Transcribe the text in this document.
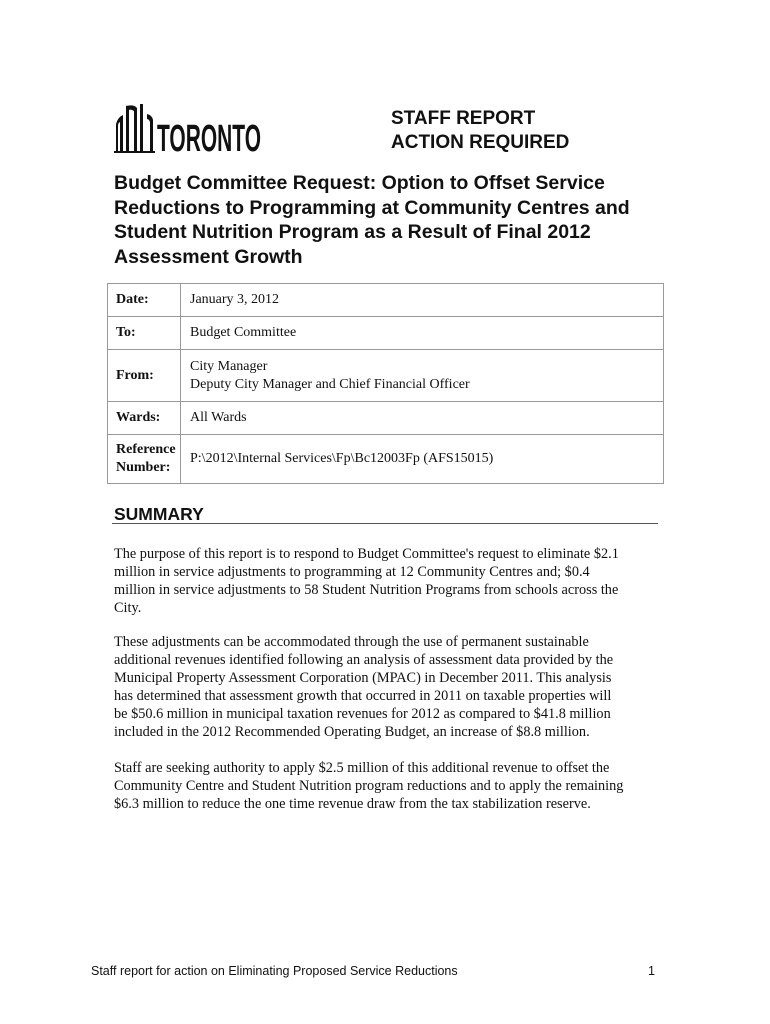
TORONTO	STAFF REPORT
ACTION REQUIRED
Budget Committee Request: Option to Offset Service
Reductions to Programming at Community Centres and
Student Nutrition Program as a Result of Final 2012
Assessment Growth
Date:	January 3, 2012
To:	Budget Committee
From:	City Manager
Deputy City Manager and Chief Financial Officer

Wards:	All Wards

Reference
Number:	P:\2012\Internal Services\Fp\Bc12003Fp (AFS15015)
SUMMARY

The purpose of this report is to respond to Budget Committee's request to eliminate $2.1
million in service adjustments to programming at 12 Community Centres and; $0.4
million in service adjustments to 58 Student Nutrition Programs from schools across the
City.

These adjustments can be accommodated through the use of permanent sustainable
additional revenues identified following an analysis of assessment data provided by the
Municipal Property Assessment Corporation (MPAC) in December 2011. This analysis
has determined that assessment growth that occurred in 2011 on taxable properties will
be $50.6 million in municipal taxation revenues for 2012 as compared to $41.8 million
included in the 2012 Recommended Operating Budget, an increase of $8.8 million.

Staff are seeking authority to apply $2.5 million of this additional revenue to offset the
Community Centre and Student Nutrition program reductions and to apply the remaining
$6.3 million to reduce the one time revenue draw from the tax stabilization reserve.

Staff report for action on Eliminating Proposed Service Reductions	1
